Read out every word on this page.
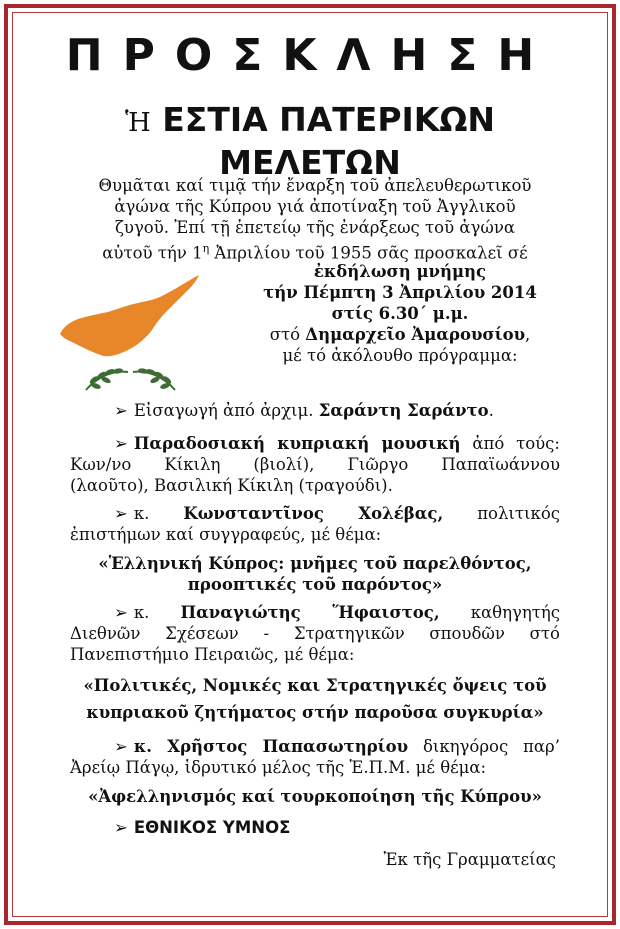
ΠΡΟΣΚΛΗΣΗ
Ἡ ΕΣΤΙΑ ΠΑΤΕΡΙΚΩΝ
ΜΕΛΕΤΩΝ
Θυμᾶται καί τιμᾷ τήν ἔναρξη τοῦ ἀπελευθερωτικοῦ
ἀγώνα τῆς Κύπρου γιά ἀποτίναξη τοῦ Ἀγγλικοῦ
ζυγοῦ. Ἐπί τῇ ἐπετείῳ τῆς ἐνάρξεως τοῦ ἀγώνα
αὐτοῦ τήν $1^\eta$ Ἀπριλίου τοῦ 1955 σᾶς προσκαλεῖ σέ
ἐκδήλωση μνήμης
τήν Πέμπτη 3 Ἀπριλίου 2014
στίς 6.30΄ μ.μ.
στό Δημαρχεῖο Ἀμαρουσίου,
μέ τό ἀκόλουθο πρόγραμμα:
➢ Εἰσαγωγή ἀπό ἀρχιμ. Σαράντη Σαράντο.
➢ Παραδοσιακή κυπριακή μουσική ἀπό τούς:
Κων/νο Κίκιλη (βιολί), Γιῶργο Παπαϊωάννου
(λαοῦτο), Βασιλική Κίκιλη (τραγούδι).
➢ κ. Κωνσταντῖνος Χολέβας, πολιτικός
ἐπιστήμων καί συγγραφεύς, μέ θέμα:
«Ἑλληνική Κύπρος: μνῆμες τοῦ παρελθόντος,
προοπτικές τοῦ παρόντος»
➢ κ. Παναγιώτης Ἥφαιστος, καθηγητής
Διεθνῶν Σχέσεων - Στρατηγικῶν σπουδῶν στό
Πανεπιστήμιο Πειραιῶς, μέ θέμα:
«Πολιτικές, Νομικές και Στρατηγικές ὄψεις τοῦ
κυπριακοῦ ζητήματος στήν παροῦσα συγκυρία»
➢ κ. Χρῆστος Παπασωτηρίου δικηγόρος παρ’
Ἀρείῳ Πάγῳ, ἱδρυτικό μέλος τῆς Ἑ.Π.Μ. μέ θέμα:
«Ἀφελληνισμός καί τουρκοποίηση τῆς Κύπρου»
➢ ΕΘΝΙΚΟΣ ΥΜΝΟΣ
Ἐκ τῆς Γραμματείας
